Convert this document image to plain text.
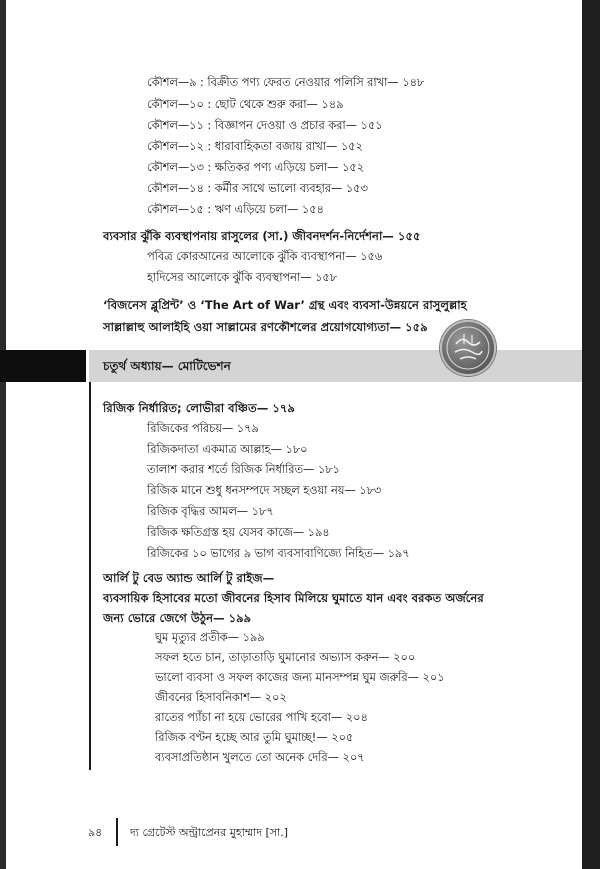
কৌশল—৯ : বিক্রীত পণ্য ফেরত নেওয়ার পলিসি রাখা— ১৪৮
কৌশল—১০ : ছোট থেকে শুরু করা— ১৪৯
কৌশল—১১ : বিজ্ঞাপন দেওয়া ও প্রচার করা— ১৫১
কৌশল—১২ : ধারাবাহিকতা বজায় রাখা— ১৫২
কৌশল—১৩ : ক্ষতিকর পণ্য এড়িয়ে চলা— ১৫২
কৌশল—১৪ : কর্মীর সাথে ভালো ব্যবহার— ১৫৩
কৌশল—১৫ : ঋণ এড়িয়ে চলা— ১৫৪
ব্যবসার ঝুঁকি ব্যবস্থাপনায় রাসুলের (সা.) জীবনদর্শন-নির্দেশনা— ১৫৫
পবিত্র কোরআনের আলোকে ঝুঁকি ব্যবস্থাপনা— ১৫৬
হাদিসের আলোকে ঝুঁকি ব্যবস্থাপনা— ১৫৮
‘বিজনেস ব্লুপ্রিন্ট’ ও ‘The Art of War’ গ্রন্থ এবং ব্যবসা-উন্নয়নে রাসুলুল্লাহ
সাল্লাল্লাহু আলাইহি ওয়া সাল্লামের রণকৌশলের প্রয়োগযোগ্যতা— ১৫৯
চতুর্থ অধ্যায়— মোটিভেশন
রিজিক নির্ধারিত; লোভীরা বঞ্চিত— ১৭৯
রিজিকের পরিচয়— ১৭৯
রিজিকদাতা একমাত্র আল্লাহ— ১৮০
তালাশ করার শর্তে রিজিক নির্ধারিত— ১৮১
রিজিক মানে শুধু ধনসম্পদে সচ্ছল হওয়া নয়— ১৮৩
রিজিক বৃদ্ধির আমল— ১৮৭
রিজিক ক্ষতিগ্রস্ত হয় যেসব কাজে— ১৯৪
রিজিকের ১০ ভাগের ৯ ভাগ ব্যবসাবাণিজ্যে নিহিত— ১৯৭
আর্লি টু বেড অ্যান্ড আর্লি টু রাইজ—
ব্যবসায়িক হিসাবের মতো জীবনের হিসাব মিলিয়ে ঘুমাতে যান এবং বরকত অর্জনের
জন্য ভোরে জেগে উঠুন— ১৯৯
ঘুম মৃত্যুর প্রতীক— ১৯৯
সফল হতে চান, তাড়াতাড়ি ঘুমানোর অভ্যাস করুন— ২০০
ভালো ব্যবসা ও সফল কাজের জন্য মানসম্পন্ন ঘুম জরুরি— ২০১
জীবনের হিসাবনিকাশ— ২০২
রাতের প্যাঁচা না হয়ে ভোরের পাখি হবো— ২০৪
রিজিক বণ্টন হচ্ছে আর তুমি ঘুমাচ্ছ!— ২০৫
ব্যবসাপ্রতিষ্ঠান খুলতে তো অনেক দেরি— ২০৭
৯৪	দ্য গ্রেটেস্ট অন্ট্রাপ্রেনর মুহাম্মাদ [সা.]
